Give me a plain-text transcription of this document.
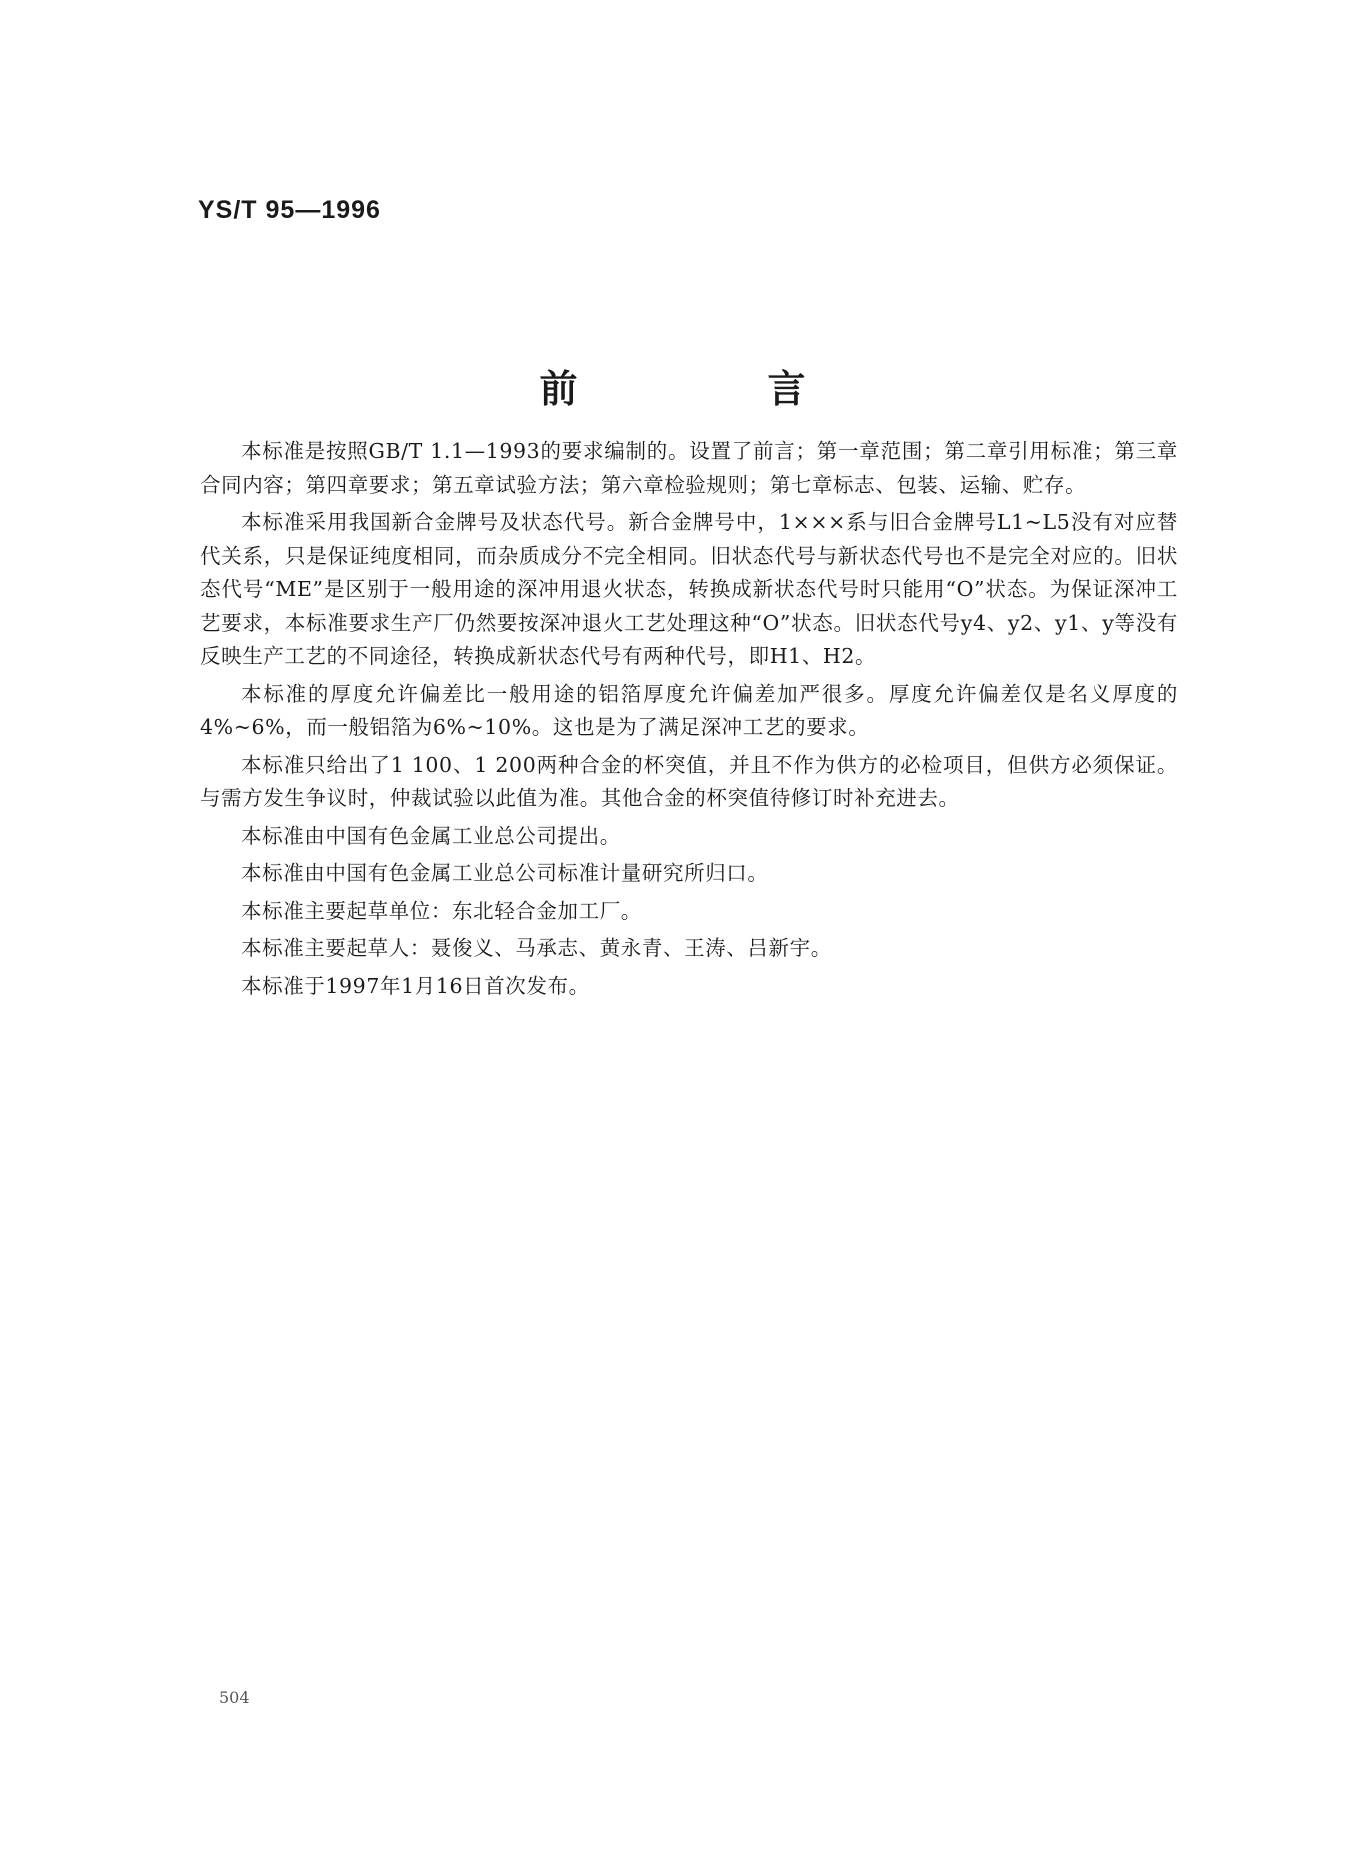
YS/T 95—1996

前　言

本标准是按照GB/T 1.1—1993的要求编制的。设置了前言；第一章范围；第二章引用标准；第三章合同内容；第四章要求；第五章试验方法；第六章检验规则；第七章标志、包装、运输、贮存。

本标准采用我国新合金牌号及状态代号。新合金牌号中，1×××系与旧合金牌号L1~L5没有对应替代关系，只是保证纯度相同，而杂质成分不完全相同。旧状态代号与新状态代号也不是完全对应的。旧状态代号“ME”是区别于一般用途的深冲用退火状态，转换成新状态代号时只能用“O”状态。为保证深冲工艺要求，本标准要求生产厂仍然要按深冲退火工艺处理这种“O”状态。旧状态代号y4、y2、y1、y等没有反映生产工艺的不同途径，转换成新状态代号有两种代号，即H1、H2。

本标准的厚度允许偏差比一般用途的铝箔厚度允许偏差加严很多。厚度允许偏差仅是名义厚度的4%~6%，而一般铝箔为6%~10%。这也是为了满足深冲工艺的要求。

本标准只给出了1 100、1 200两种合金的杯突值，并且不作为供方的必检项目，但供方必须保证。与需方发生争议时，仲裁试验以此值为准。其他合金的杯突值待修订时补充进去。

本标准由中国有色金属工业总公司提出。

本标准由中国有色金属工业总公司标准计量研究所归口。

本标准主要起草单位：东北轻合金加工厂。

本标准主要起草人：聂俊义、马承志、黄永青、王涛、吕新宇。

本标准于1997年1月16日首次发布。

504
